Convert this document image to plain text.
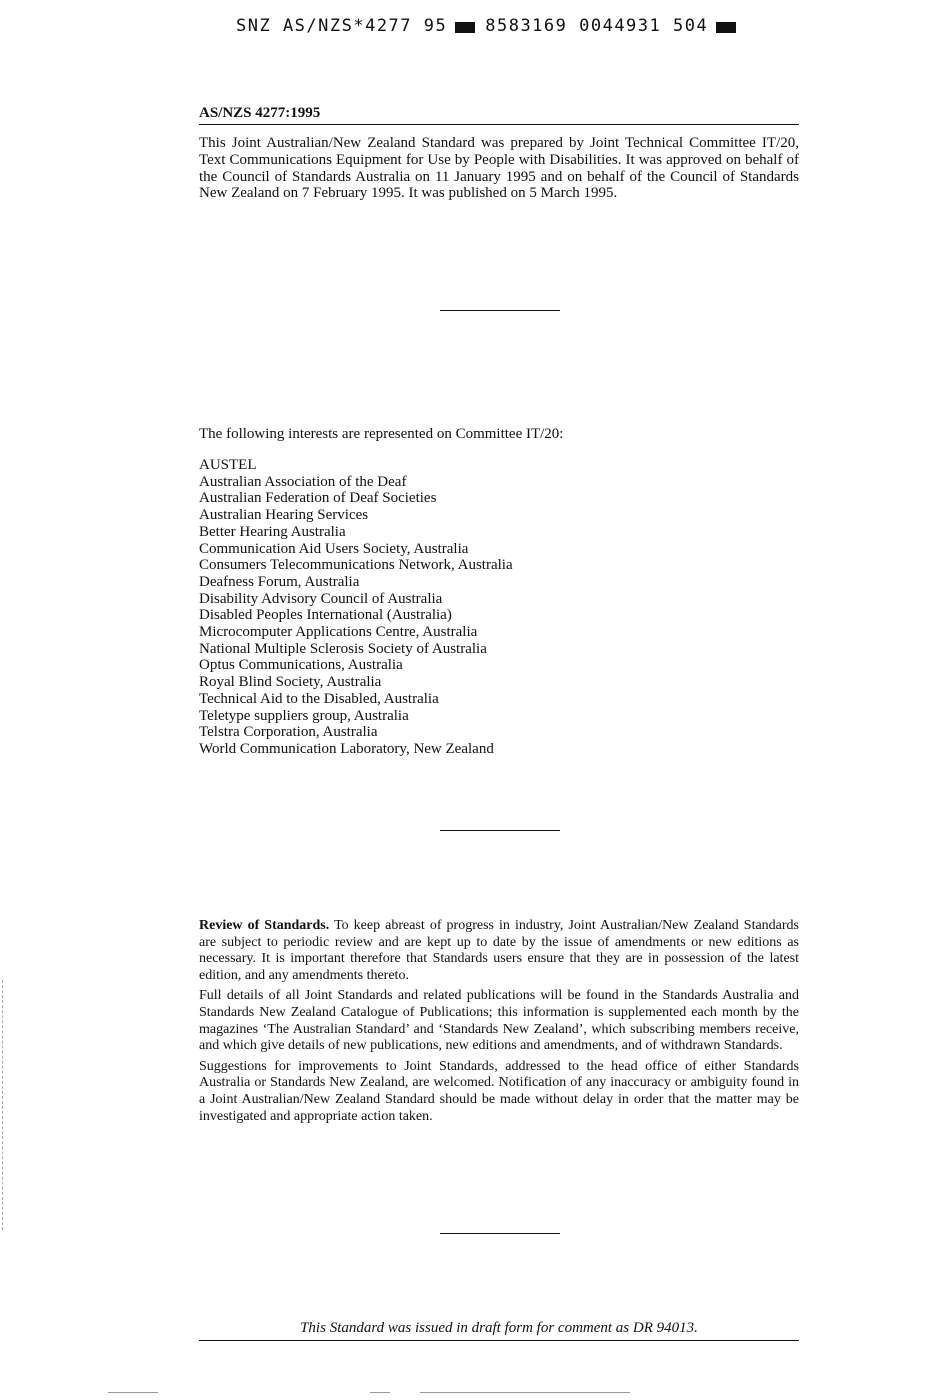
SNZ AS/NZS*4277 95 8583169 0044931 504
AS/NZS 4277:1995

This Joint Australian/New Zealand Standard was prepared by Joint Technical Committee IT/20, Text Communications Equipment for Use by People with Disabilities. It was approved on behalf of the Council of Standards Australia on 11 January 1995 and on behalf of the Council of Standards New Zealand on 7 February 1995. It was published on 5 March 1995.

The following interests are represented on Committee IT/20:

AUSTEL
Australian Association of the Deaf
Australian Federation of Deaf Societies
Australian Hearing Services
Better Hearing Australia
Communication Aid Users Society, Australia
Consumers Telecommunications Network, Australia
Deafness Forum, Australia
Disability Advisory Council of Australia
Disabled Peoples International (Australia)
Microcomputer Applications Centre, Australia
National Multiple Sclerosis Society of Australia
Optus Communications, Australia
Royal Blind Society, Australia
Technical Aid to the Disabled, Australia
Teletype suppliers group, Australia
Telstra Corporation, Australia
World Communication Laboratory, New Zealand

Review of Standards. To keep abreast of progress in industry, Joint Australian/New Zealand Standards are subject to periodic review and are kept up to date by the issue of amendments or new editions as necessary. It is important therefore that Standards users ensure that they are in possession of the latest edition, and any amendments thereto.

Full details of all Joint Standards and related publications will be found in the Standards Australia and Standards New Zealand Catalogue of Publications; this information is supplemented each month by the magazines ‘The Australian Standard’ and ‘Standards New Zealand’, which subscribing members receive, and which give details of new publications, new editions and amendments, and of withdrawn Standards.

Suggestions for improvements to Joint Standards, addressed to the head office of either Standards Australia or Standards New Zealand, are welcomed. Notification of any inaccuracy or ambiguity found in a Joint Australian/New Zealand Standard should be made without delay in order that the matter may be investigated and appropriate action taken.

This Standard was issued in draft form for comment as DR 94013.
